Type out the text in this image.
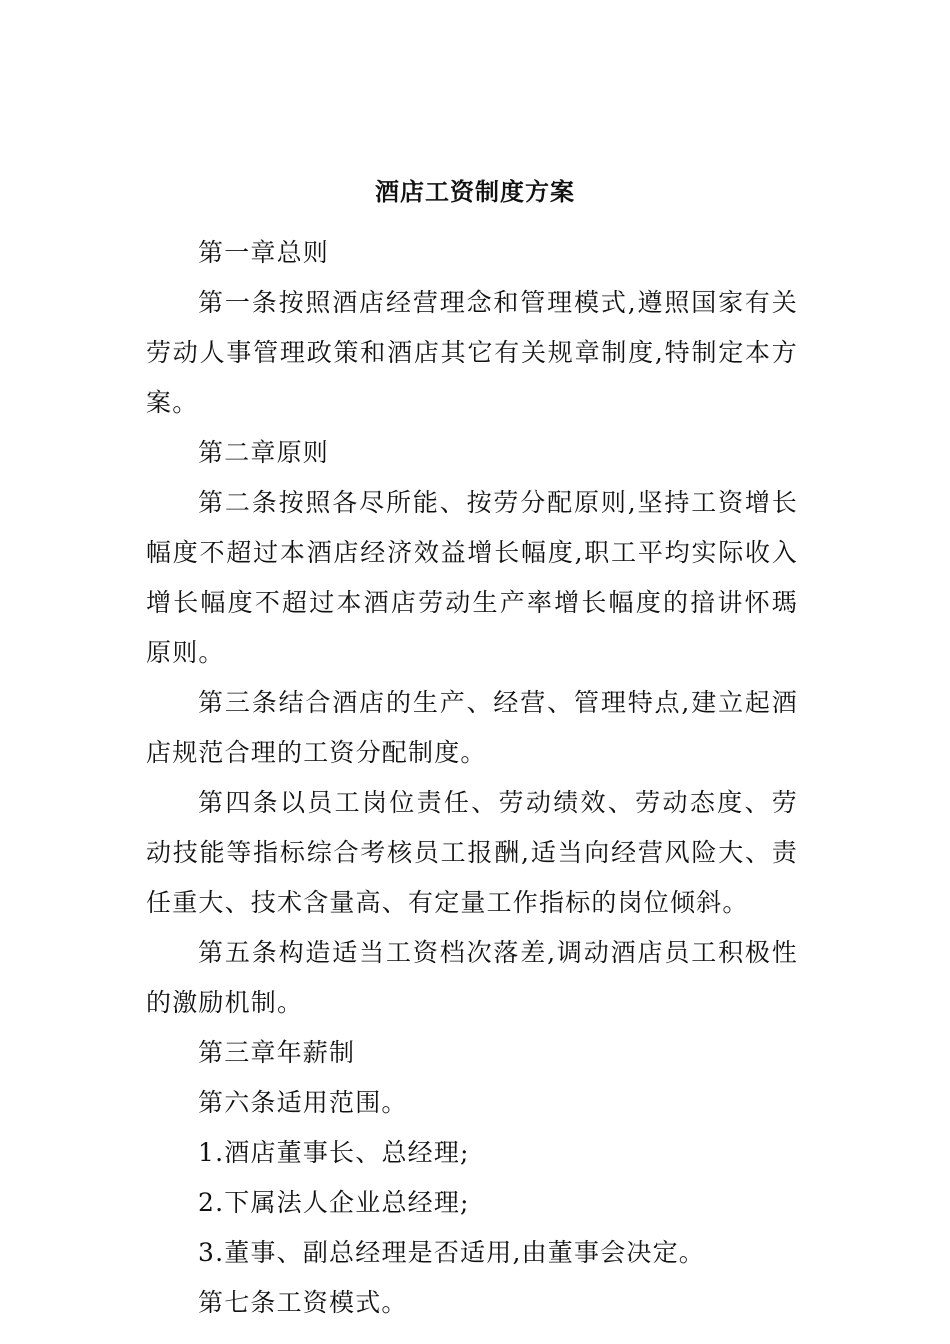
酒店工资制度方案

第一章总则

第一条按照酒店经营理念和管理模式,遵照国家有关劳动人事管理政策和酒店其它有关规章制度,特制定本方案。

第二章原则

第二条按照各尽所能、按劳分配原则,坚持工资增长幅度不超过本酒店经济效益增长幅度,职工平均实际收入增长幅度不超过本酒店劳动生产率增长幅度的揞讲怀瑪原则。

第三条结合酒店的生产、经营、管理特点,建立起酒店规范合理的工资分配制度。

第四条以员工岗位责任、劳动绩效、劳动态度、劳动技能等指标综合考核员工报酬,适当向经营风险大、责任重大、技术含量高、有定量工作指标的岗位倾斜。

第五条构造适当工资档次落差,调动酒店员工积极性的激励机制。

第三章年薪制

第六条适用范围。

1.酒店董事长、总经理;

2.下属法人企业总经理;

3.董事、副总经理是否适用,由董事会决定。

第七条工资模式。
